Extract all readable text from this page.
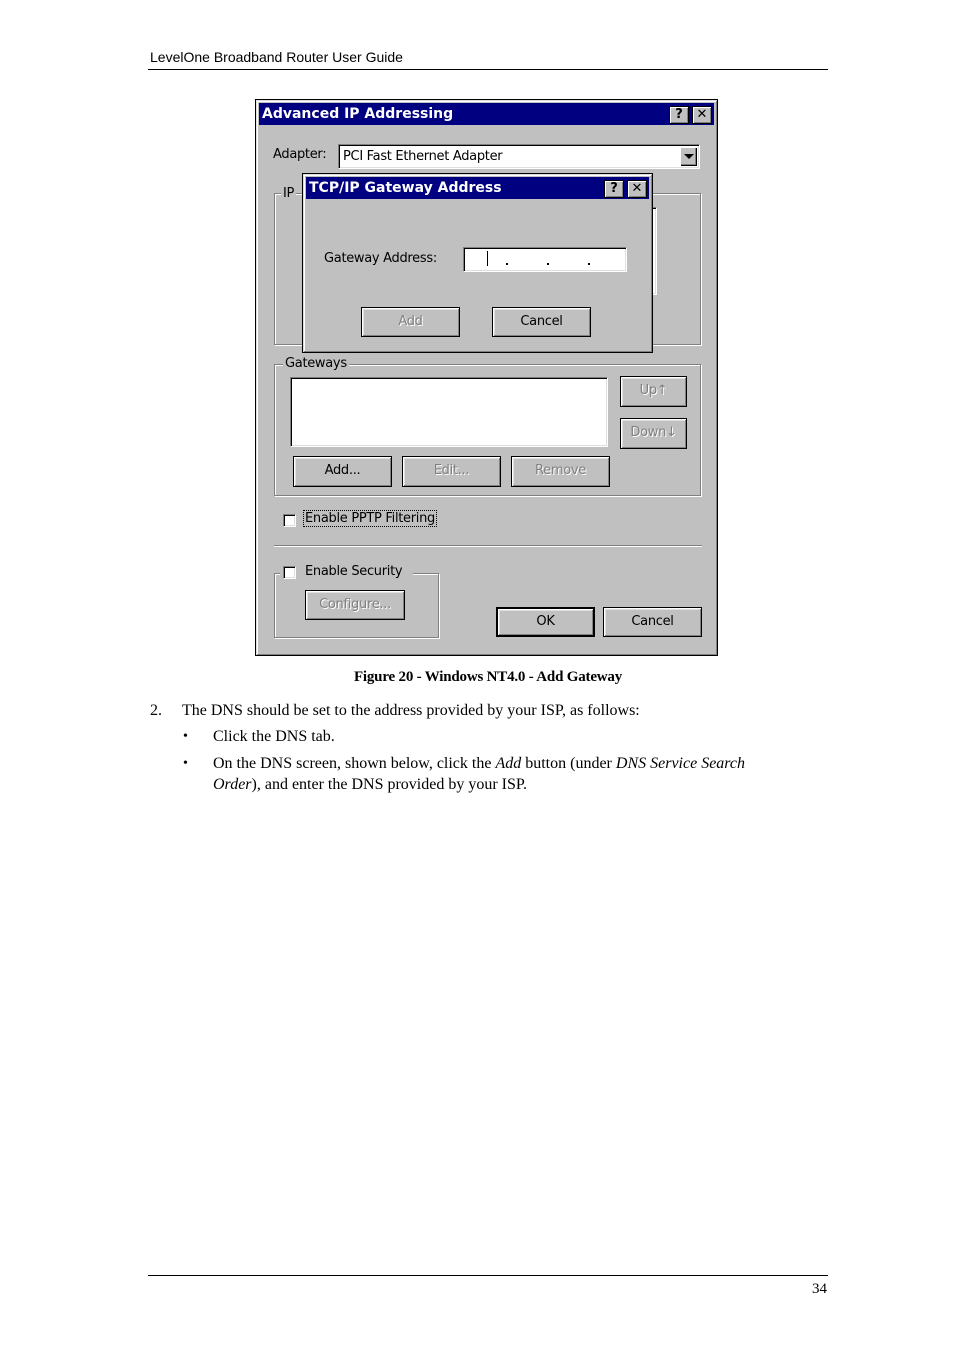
LevelOne Broadband Router User Guide
Advanced IP Addressing	?	✕
Adapter: PCI Fast Ethernet Adapter
IP
Gateways
Up↑
Down↓
Add...	Edit...	Remove
Enable PPTP Filtering
Enable Security
Configure...
OK	Cancel
TCP/IP Gateway Address	?	✕
Gateway Address:
Add	Cancel
Figure 20 - Windows NT4.0 - Add Gateway
2. The DNS should be set to the address provided by your ISP, as follows:
• Click the DNS tab.
• On the DNS screen, shown below, click the Add button (under DNS Service Search
Order), and enter the DNS provided by your ISP.
34
